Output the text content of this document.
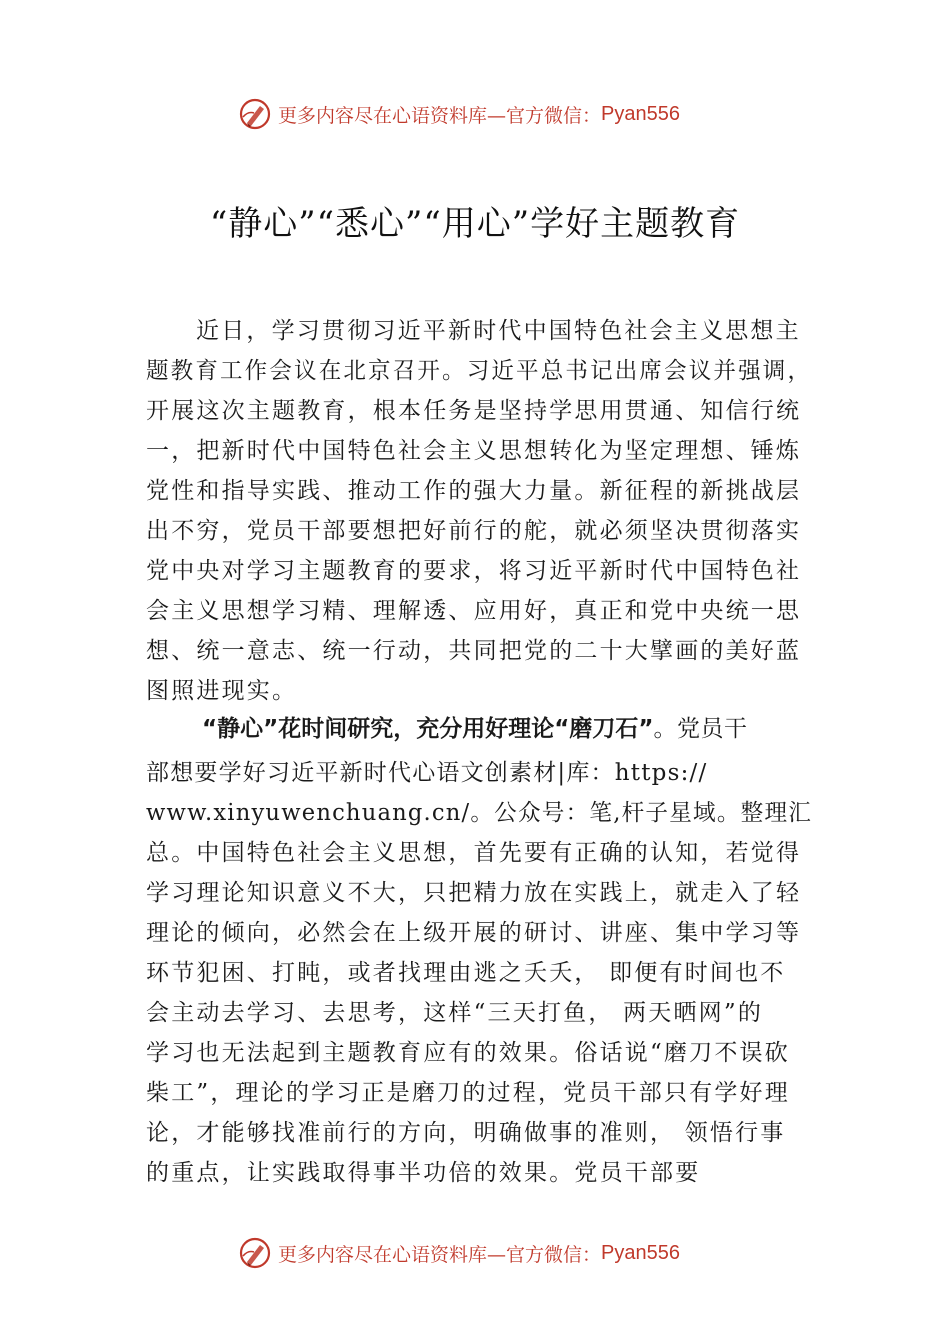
更多内容尽在心语资料库—官方微信： Pyan556
“静心”“悉心”“用心”学好主题教育
近日，学习贯彻习近平新时代中国特色社会主义思想主
题教育工作会议在北京召开。习近平总书记出席会议并强调，
开展这次主题教育，根本任务是坚持学思用贯通、知信行统
一，把新时代中国特色社会主义思想转化为坚定理想、锤炼
党性和指导实践、推动工作的强大力量。新征程的新挑战层
出不穷，党员干部要想把好前行的舵，就必须坚决贯彻落实
党中央对学习主题教育的要求，将习近平新时代中国特色社
会主义思想学习精、理解透、应用好，真正和党中央统一思
想、统一意志、统一行动，共同把党的二十大擘画的美好蓝
图照进现实。
“静心”花时间研究，充分用好理论“磨刀石”。党员干
部想要学好习近平新时代心语文创素材|库：https://
www.xinyuwenchuang.cn/。公众号：笔,杆子星域。整理汇
总。中国特色社会主义思想，首先要有正确的认知，若觉得
学习理论知识意义不大，只把精力放在实践上，就走入了轻
理论的倾向，必然会在上级开展的研讨、讲座、集中学习等
环节犯困、打盹，或者找理由逃之夭夭， 即便有时间也不
会主动去学习、去思考，这样“三天打鱼， 两天晒网”的
学习也无法起到主题教育应有的效果。俗话说“磨刀不误砍
柴工”，理论的学习正是磨刀的过程，党员干部只有学好理
论，才能够找准前行的方向，明确做事的准则， 领悟行事
的重点，让实践取得事半功倍的效果。党员干部要
更多内容尽在心语资料库—官方微信： Pyan556
